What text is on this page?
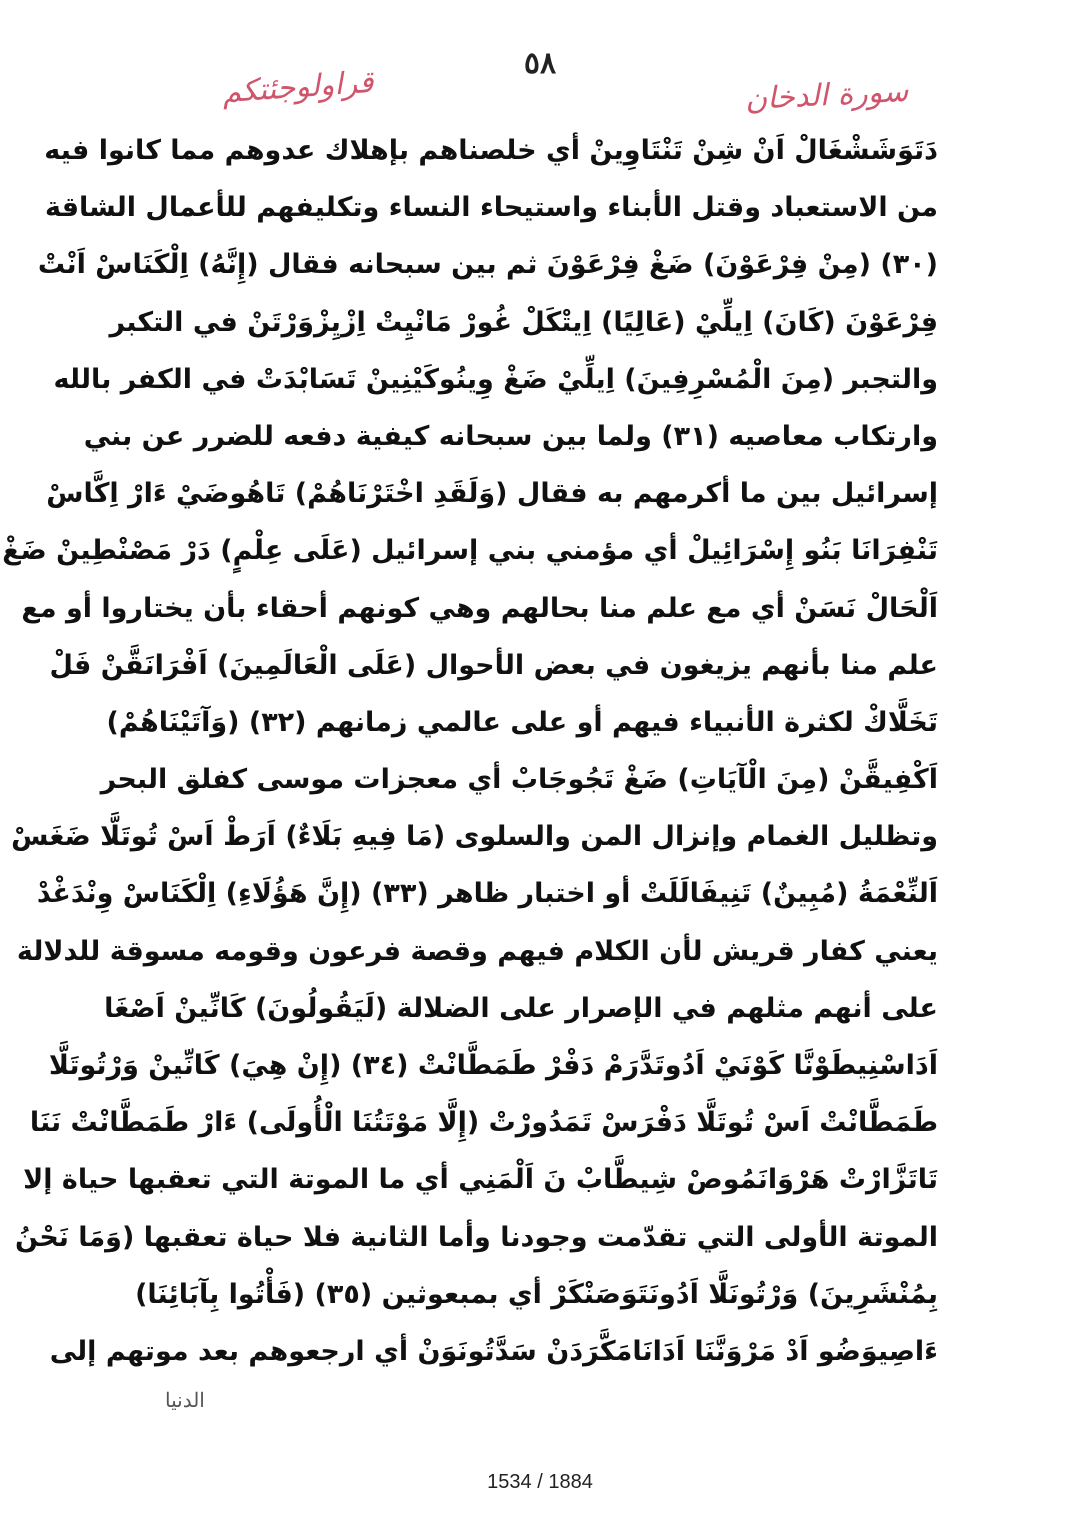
٥٨
قراولوجئتكم	سورة الدخان
دَتَوَشَشْغَالْ اَنْ شِنْ تَنْتَاوِينْ أي خلصناهم بإهلاك عدوهم مما كانوا فيه
من الاستعباد وقتل الأبناء واستيحاء النساء وتكليفهم للأعمال الشاقة
(٣٠) (مِنْ فِرْعَوْنَ) ضَغْ فِرْعَوْنَ ثم بين سبحانه فقال (إِنَّهُ) اِلْكَنَاسْ اَنْتْ
فِرْعَوْنَ (كَانَ) اِيلِّيْ (عَالِيًا) اِيتْكَلْ غُورْ مَانْيِتْ اِزْيِزْوَرْتَنْ في التكبر
والتجبر (مِنَ الْمُسْرِفِينَ) اِيلِّيْ ضَغْ وِينُوكَيْنِينْ تَسَابْدَتْ في الكفر بالله
وارتكاب معاصيه (٣١) ولما بين سبحانه كيفية دفعه للضرر عن بني
إسرائيل بين ما أكرمهم به فقال (وَلَقَدِ اخْتَرْنَاهُمْ) تَاهُوضَيْ ءَارْ اِكَّاسْ
تَنْفِرَانَا بَنُو إِسْرَائِيلْ أي مؤمني بني إسرائيل (عَلَى عِلْمٍ) دَرْ مَصْنْطِينْ ضَغْ
اَلْحَالْ نَسَنْ أي مع علم منا بحالهم وهي كونهم أحقاء بأن يختاروا أو مع
علم منا بأنهم يزيغون في بعض الأحوال (عَلَى الْعَالَمِينَ) اَفْرَانَقَّنْ فَلْ
تَخَلَّاكْ لكثرة الأنبياء فيهم أو على عالمي زمانهم (٣٢) (وَآتَيْنَاهُمْ)
اَكْفِيقَّنْ (مِنَ الْآيَاتِ) ضَغْ تَجُوجَابْ أي معجزات موسى كفلق البحر
وتظليل الغمام وإنزال المن والسلوى (مَا فِيهِ بَلَاءٌ) اَرَطْ اَسْ تُوتَلَّا ضَغَسْ
اَلنِّعْمَةُ (مُبِينٌ) تَنِيفَالَلَتْ أو اختبار ظاهر (٣٣) (إِنَّ هَؤُلَاءِ) اِلْكَنَاسْ وِنْدَغْدْ
يعني كفار قريش لأن الكلام فيهم وقصة فرعون وقومه مسوقة للدلالة
على أنهم مثلهم في الإصرار على الضلالة (لَيَقُولُونَ) كَانِّينْ اَصْغَا
اَدَاسْنِيطَوْنَّا كَوْنَيْ اَدُوتَدَّرَمْ دَفْرْ طَمَطَّانْتْ (٣٤) (إِنْ هِيَ) كَانِّينْ وَرْتُوتَلَّا
طَمَطَّانْتْ اَسْ تُوتَلَّا دَفْرَسْ تَمَدُورْتْ (إِلَّا مَوْتَتُنَا الْأُولَى) ءَارْ طَمَطَّانْتْ نَنَا
تَاتَزَّارْتْ هَرْوَانَمُوصْ شِيطَّابْ نَ اَلْمَنِي أي ما الموتة التي تعقبها حياة إلا
الموتة الأولى التي تقدّمت وجودنا وأما الثانية فلا حياة تعقبها (وَمَا نَحْنُ
بِمُنْشَرِينَ) وَرْتُونَلَّا اَدُونَتَوَصَنْكَرْ أي بمبعوثين (٣٥) (فَأْتُوا بِآبَائِنَا)
ءَاصِيوَضُو اَدْ مَرْوَنَّنَا اَدَانَامَكَّرَدَنْ سَدَّتُونَوَنْ أي ارجعوهم بعد موتهم إلى
الدنيا
1534 / 1884
